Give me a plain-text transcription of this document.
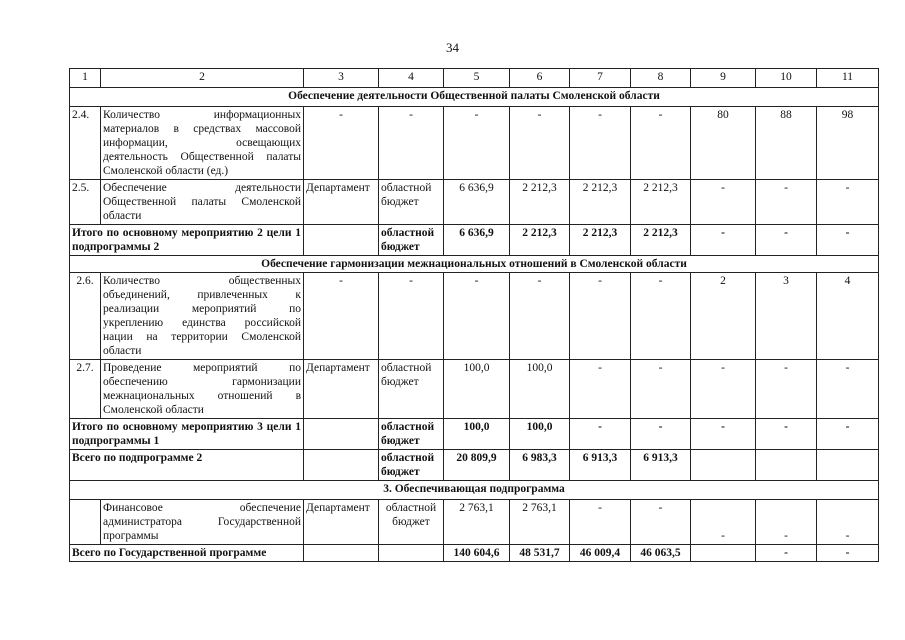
34
1	2	3	4	5	6	7	8	9	10	11
Обеспечение деятельности Общественной палаты Смоленской области										
2.4.	Количество информационных материалов в средствах массовой информации, освещающих деятельность Общественной палаты Смоленской области (ед.)	-	-	-	-	-	-	80	88	98
2.5.	Обеспечение деятельности Общественной палаты Смоленской области	Департамент	областной бюджет	6 636,9	2 212,3	2 212,3	2 212,3	-	-	-
Итого по основному мероприятию 2 цели 1 подпрограммы 2			областной бюджет	6 636,9	2 212,3	2 212,3	2 212,3	-	-	-
Обеспечение гармонизации межнациональных отношений в Смоленской области										
2.6.	Количество общественных объединений, привлеченных к реализации мероприятий по укреплению единства российской нации на территории Смоленской области	-	-	-	-	-	-	2	3	4
2.7.	Проведение мероприятий по обеспечению гармонизации межнациональных отношений в Смоленской области	Департамент	областной бюджет	100,0	100,0	-	-	-	-	-
Итого по основному мероприятию 3 цели 1 подпрограммы 1			областной бюджет	100,0	100,0	-	-	-	-	-
Всего по подпрограмме 2			областной бюджет	20 809,9	6 983,3	6 913,3	6 913,3			
3. Обеспечивающая подпрограмма										
	Финансовое обеспечение администратора Государственной программы	Департамент	областной бюджет	2 763,1	2 763,1	-	-	-	-	-
Всего по Государственной программе				140 604,6	48 531,7	46 009,4	46 063,5		-	-
